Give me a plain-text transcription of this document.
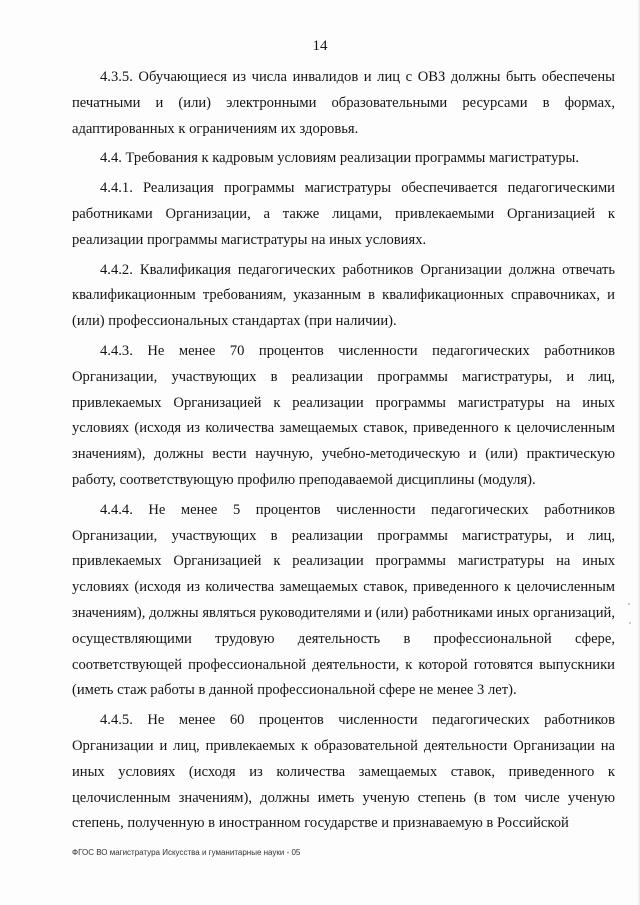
14

4.3.5. Обучающиеся из числа инвалидов и лиц с ОВЗ должны быть обеспечены печатными и (или) электронными образовательными ресурсами в формах, адаптированных к ограничениям их здоровья.

4.4. Требования к кадровым условиям реализации программы магистратуры.

4.4.1. Реализация программы магистратуры обеспечивается педагогическими работниками Организации, а также лицами, привлекаемыми Организацией к реализации программы магистратуры на иных условиях.

4.4.2. Квалификация педагогических работников Организации должна отвечать квалификационным требованиям, указанным в квалификационных справочниках, и (или) профессиональных стандартах (при наличии).

4.4.3. Не менее 70 процентов численности педагогических работников Организации, участвующих в реализации программы магистратуры, и лиц, привлекаемых Организацией к реализации программы магистратуры на иных условиях (исходя из количества замещаемых ставок, приведенного к целочисленным значениям), должны вести научную, учебно-методическую и (или) практическую работу, соответствующую профилю преподаваемой дисциплины (модуля).

4.4.4. Не менее 5 процентов численности педагогических работников Организации, участвующих в реализации программы магистратуры, и лиц, привлекаемых Организацией к реализации программы магистратуры на иных условиях (исходя из количества замещаемых ставок, приведенного к целочисленным значениям), должны являться руководителями и (или) работниками иных организаций, осуществляющими трудовую деятельность в профессиональной сфере, соответствующей профессиональной деятельности, к которой готовятся выпускники (иметь стаж работы в данной профессиональной сфере не менее 3 лет).

4.4.5. Не менее 60 процентов численности педагогических работников Организации и лиц, привлекаемых к образовательной деятельности Организации на иных условиях (исходя из количества замещаемых ставок, приведенного к целочисленным значениям), должны иметь ученую степень (в том числе ученую степень, полученную в иностранном государстве и признаваемую в Российской

ФГОС ВО магистратура Искусства и гуманитарные науки - 05
